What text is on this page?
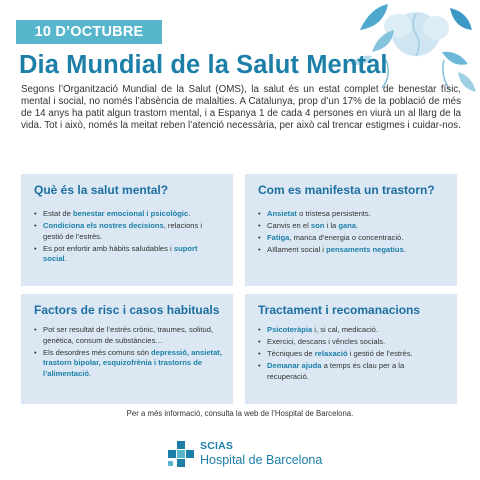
10 D’OCTUBRE
Dia Mundial de la Salut Mental

Segons l’Organització Mundial de la Salut (OMS), la salut és un estat complet de benestar físic, mental i social, no només l’absència de malalties. A Catalunya, prop d’un 17% de la població de més de 14 anys ha patit algun trastorn mental, i a Espanya 1 de cada 4 persones en viurà un al llarg de la vida. Tot i això, només la meitat reben l’atenció necessària, per això cal trencar estigmes i cuidar-nos.

Què és la salut mental?
• Estat de benestar emocional i psicològic.
• Condiciona els nostres decisions, relacions i gestió de l’estrès.
• Es pot enfortir amb hàbits saludables i suport social.
Com es manifesta un trastorn?
• Ansietat o tristesa persistents.
• Canvis en el son i la gana.
• Fatiga, manca d’energia o concentració.
• Aïllament social i pensaments negatius.
Factors de risc i casos habituals
• Pot ser resultat de l’estrès crònic, traumes, solitud, genètica, consum de substàncies…
• Els desordres més comuns són depressió, ansietat, trastorn bipolar, esquizofrènia i trastorns de l’alimentació.
Tractament i recomanacions
• Psicoteràpia i, si cal, medicació.
• Exercici, descans i vêncles socials.
• Tècniques de relaxació i gestió de l’estrès.
• Demanar ajuda a temps és clau per a la recuperació.

Per a més informació, consulta la web de l’Hospital de Barcelona.

SCIAS
Hospital de Barcelona
